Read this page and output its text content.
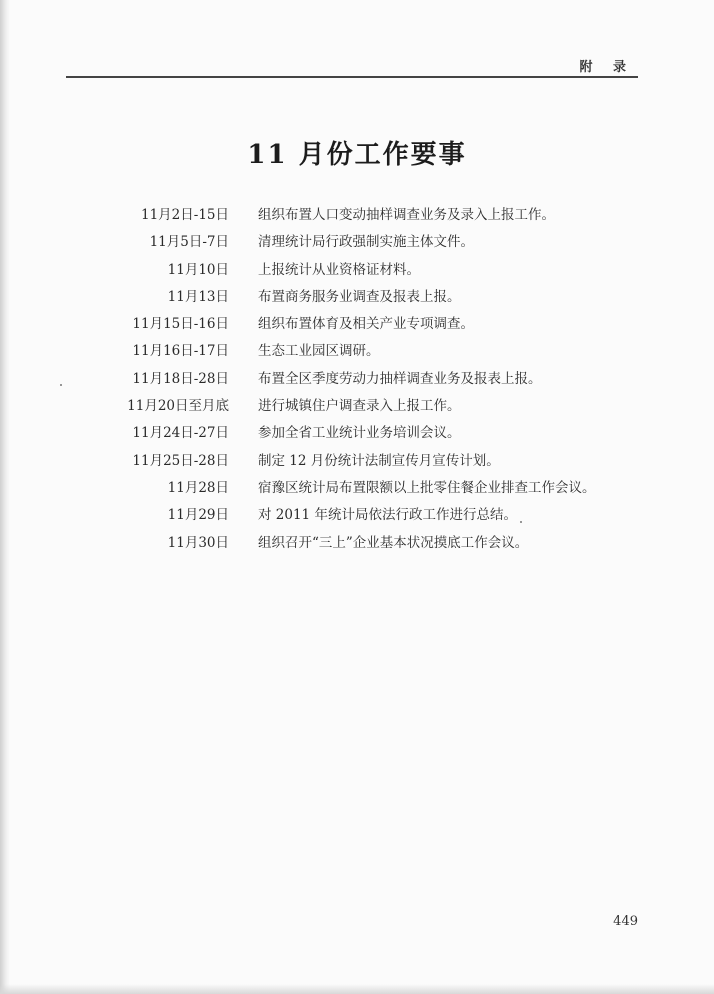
附 录
11 月份工作要事
11月2日-15日 组织布置人口变动抽样调查业务及录入上报工作。
11月5日-7日 清理统计局行政强制实施主体文件。
11月10日 上报统计从业资格证材料。
11月13日 布置商务服务业调查及报表上报。
11月15日-16日 组织布置体育及相关产业专项调查。
11月16日-17日 生态工业园区调研。
11月18日-28日 布置全区季度劳动力抽样调查业务及报表上报。
11月20日至月底 进行城镇住户调查录入上报工作。
11月24日-27日 参加全省工业统计业务培训会议。
11月25日-28日 制定 12 月份统计法制宣传月宣传计划。
11月28日 宿豫区统计局布置限额以上批零住餐企业排查工作会议。
11月29日 对 2011 年统计局依法行政工作进行总结。
11月30日 组织召开“三上”企业基本状况摸底工作会议。
449
